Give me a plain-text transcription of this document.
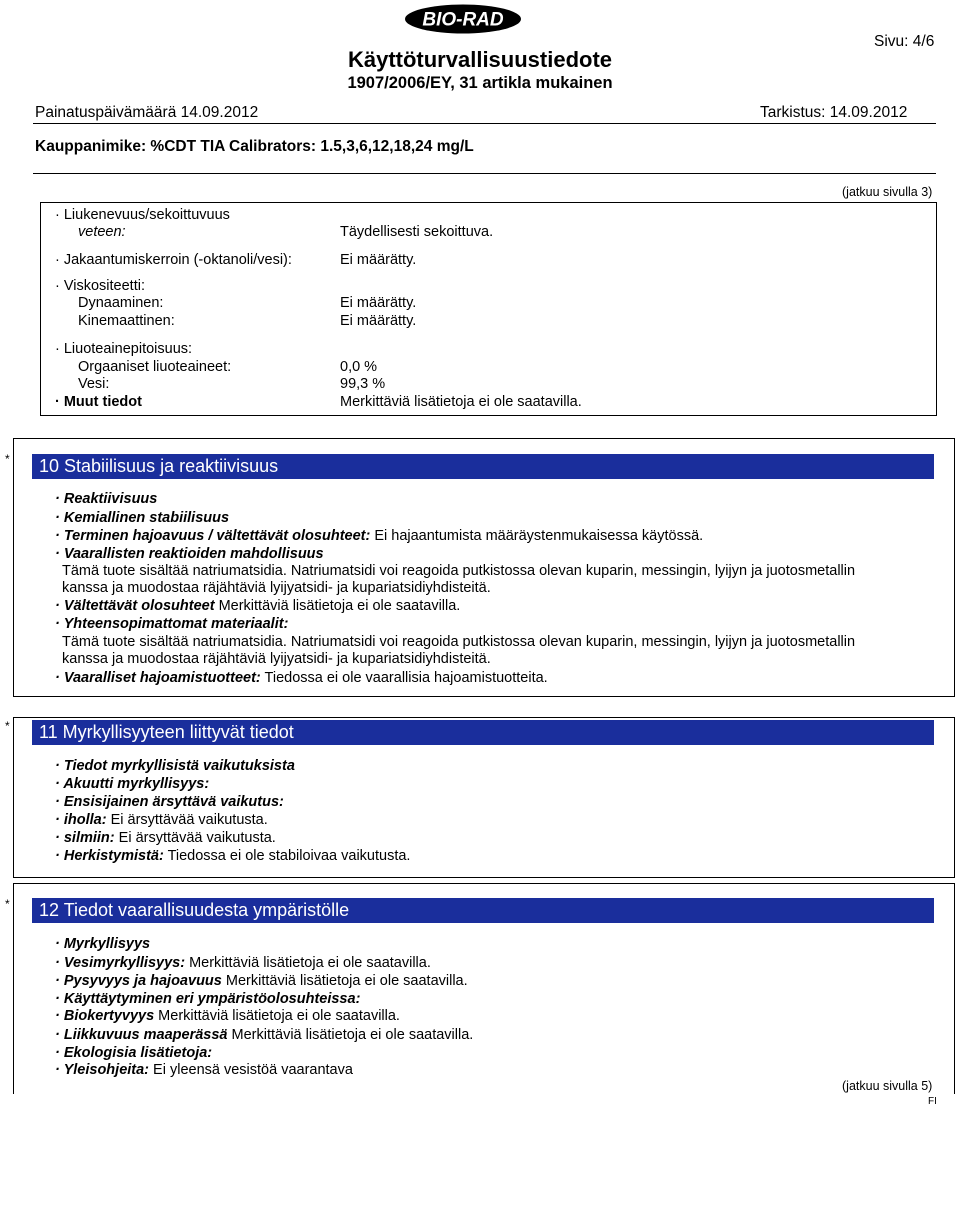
BIO-RAD
Käyttöturvallisuustiedote
1907/2006/EY, 31 artikla mukainen
Sivu: 4/6
Painatuspäivämäärä 14.09.2012	Tarkistus: 14.09.2012
Kauppanimike: %CDT TIA Calibrators: 1.5,3,6,12,18,24 mg/L
(jatkuu sivulla 3)
· Liukenevuus/sekoittuvuus
veteen:	Täydellisesti sekoittuva.
· Jakaantumiskerroin (-oktanoli/vesi):	Ei määrätty.
· Viskositeetti:
Dynaaminen:	Ei määrätty.
Kinemaattinen:	Ei määrätty.
· Liuoteainepitoisuus:
Orgaaniset liuoteaineet:	0,0 %
Vesi:	99,3 %
· Muut tiedot	Merkittäviä lisätietoja ei ole saatavilla.
*	10 Stabiilisuus ja reaktiivisuus
· Reaktiivisuus
· Kemiallinen stabiilisuus
· Terminen hajoavuus / vältettävät olosuhteet: Ei hajaantumista määräystenmukaisessa käytössä.
· Vaarallisten reaktioiden mahdollisuus
Tämä tuote sisältää natriumatsidia. Natriumatsidi voi reagoida putkistossa olevan kuparin, messingin, lyijyn ja juotosmetallin
kanssa ja muodostaa räjähtäviä lyijyatsidi- ja kupariatsidiyhdisteitä.
· Vältettävät olosuhteet Merkittäviä lisätietoja ei ole saatavilla.
· Yhteensopimattomat materiaalit:
Tämä tuote sisältää natriumatsidia. Natriumatsidi voi reagoida putkistossa olevan kuparin, messingin, lyijyn ja juotosmetallin
kanssa ja muodostaa räjähtäviä lyijyatsidi- ja kupariatsidiyhdisteitä.
· Vaaralliset hajoamistuotteet: Tiedossa ei ole vaarallisia hajoamistuotteita.
*	11 Myrkyllisyyteen liittyvät tiedot
· Tiedot myrkyllisistä vaikutuksista
· Akuutti myrkyllisyys:
· Ensisijainen ärsyttävä vaikutus:
· iholla: Ei ärsyttävää vaikutusta.
· silmiin: Ei ärsyttävää vaikutusta.
· Herkistymistä: Tiedossa ei ole stabiloivaa vaikutusta.
*	12 Tiedot vaarallisuudesta ympäristölle
· Myrkyllisyys
· Vesimyrkyllisyys: Merkittäviä lisätietoja ei ole saatavilla.
· Pysyvyys ja hajoavuus Merkittäviä lisätietoja ei ole saatavilla.
· Käyttäytyminen eri ympäristöolosuhteissa:
· Biokertyvyys Merkittäviä lisätietoja ei ole saatavilla.
· Liikkuvuus maaperässä Merkittäviä lisätietoja ei ole saatavilla.
· Ekologisia lisätietoja:
· Yleisohjeita: Ei yleensä vesistöä vaarantava
(jatkuu sivulla 5)
FI
